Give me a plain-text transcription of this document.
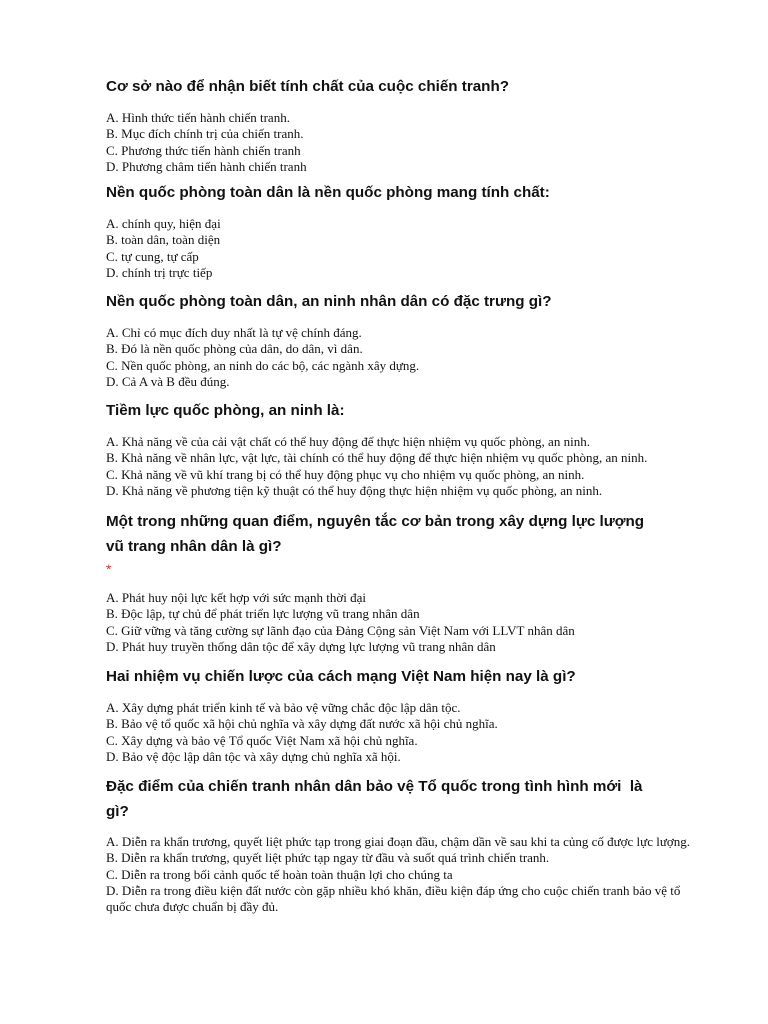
Cơ sở nào để nhận biết tính chất của cuộc chiến tranh?
A. Hình thức tiến hành chiến tranh.
B. Mục đích chính trị của chiến tranh.
C. Phương thức tiến hành chiến tranh
D. Phương châm tiến hành chiến tranh
Nền quốc phòng toàn dân là nền quốc phòng mang tính chất:
A. chính quy, hiện đại
B. toàn dân, toàn diện
C. tự cung, tự cấp
D. chính trị trực tiếp
Nền quốc phòng toàn dân, an ninh nhân dân có đặc trưng gì?
A. Chỉ có mục đích duy nhất là tự vệ chính đáng.
B. Đó là nền quốc phòng của dân, do dân, vì dân.
C. Nền quốc phòng, an ninh do các bộ, các ngành xây dựng.
D. Cả A và B đều đúng.
Tiềm lực quốc phòng, an ninh là:
A. Khả năng về của cải vật chất có thể huy động để thực hiện nhiệm vụ quốc phòng, an ninh.
B. Khả năng về nhân lực, vật lực, tài chính có thể huy động để thực hiện nhiệm vụ quốc phòng, an ninh.
C. Khả năng về vũ khí trang bị có thể huy động phục vụ cho nhiệm vụ quốc phòng, an ninh.
D. Khả năng về phương tiện kỹ thuật có thể huy động thực hiện nhiệm vụ quốc phòng, an ninh.
Một trong những quan điểm, nguyên tắc cơ bản trong xây dựng lực lượng vũ trang nhân dân là gì?
*
A. Phát huy nội lực kết hợp với sức mạnh thời đại
B. Độc lập, tự chủ để phát triển lực lượng vũ trang nhân dân
C. Giữ vững và tăng cường sự lãnh đạo của Đảng Cộng sản Việt Nam với LLVT nhân dân
D. Phát huy truyền thống dân tộc để xây dựng lực lượng vũ trang nhân dân
Hai nhiệm vụ chiến lược của cách mạng Việt Nam hiện nay là gì?
A. Xây dựng phát triển kinh tế và bảo vệ vững chắc độc lập dân tộc.
B. Bảo vệ tổ quốc xã hội chủ nghĩa và xây dựng đất nước xã hội chủ nghĩa.
C. Xây dựng và bảo vệ Tổ quốc Việt Nam xã hội chủ nghĩa.
D. Bảo vệ độc lập dân tộc và xây dựng chủ nghĩa xã hội.
Đặc điểm của chiến tranh nhân dân bảo vệ Tổ quốc trong tình hình mới  là gì?
A. Diễn ra khẩn trương, quyết liệt phức tạp trong giai đoạn đầu, chậm dần về sau khi ta củng cố được lực lượng.
B. Diễn ra khẩn trương, quyết liệt phức tạp ngay từ đầu và suốt quá trình chiến tranh.
C. Diễn ra trong bối cảnh quốc tế hoàn toàn thuận lợi cho chúng ta
D. Diễn ra trong điều kiện đất nước còn gặp nhiều khó khăn, điều kiện đáp ứng cho cuộc chiến tranh bảo vệ tổ quốc chưa được chuẩn bị đầy đủ.
